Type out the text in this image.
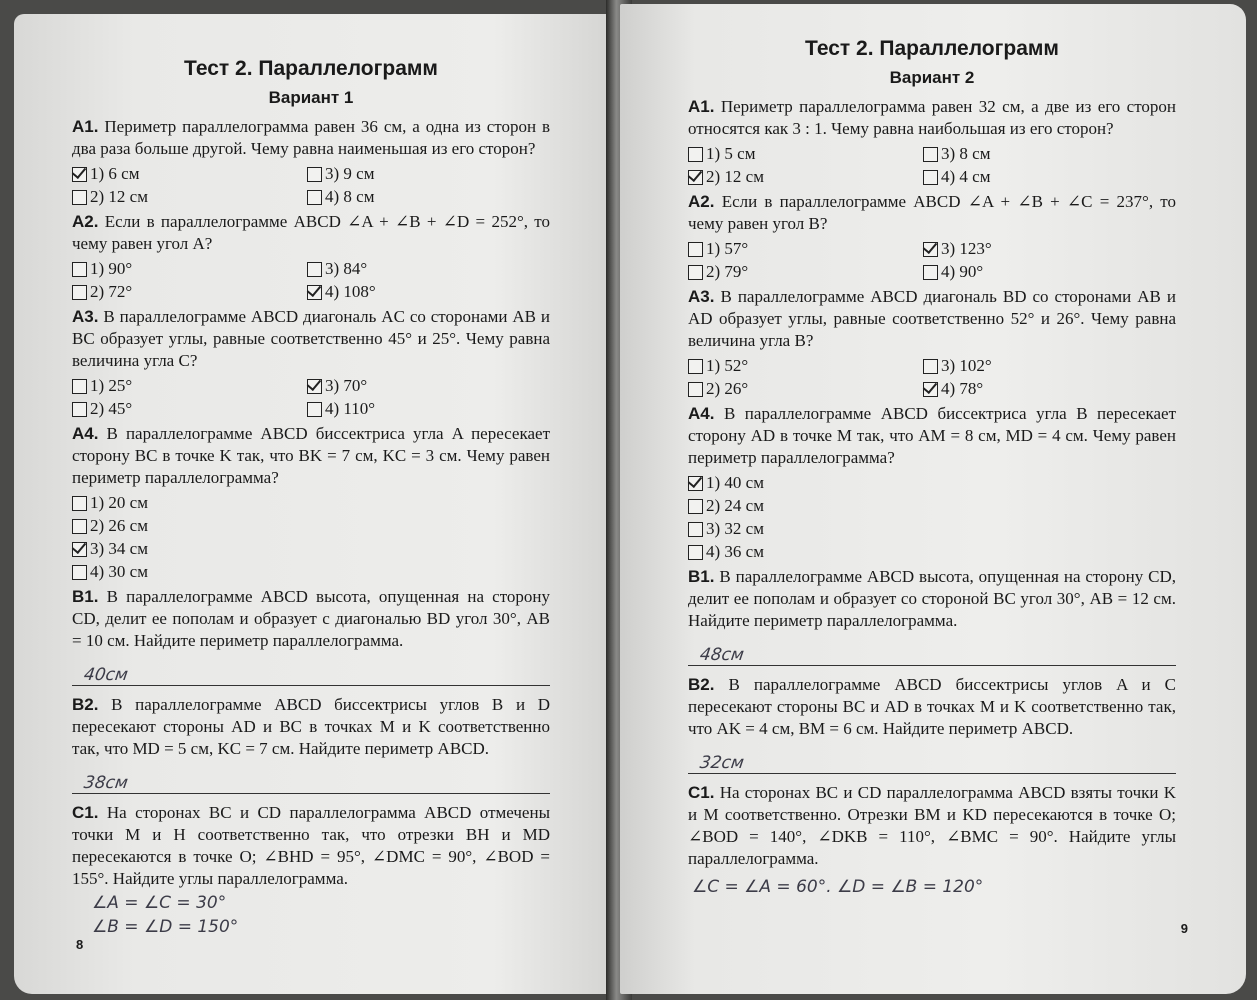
Тест 2. Параллелограмм
Вариант 1

А1. Периметр параллелограмма равен 36 см, а одна из сторон в два раза больше другой. Чему равна наименьшая из его сторон?

1) 6 см	3) 9 см
2) 12 см	4) 8 см

А2. Если в параллелограмме ABCD ∠A + ∠B + ∠D = 252°, то чему равен угол A?

1) 90°	3) 84°
2) 72°	4) 108°

А3. В параллелограмме ABCD диагональ AC со сторонами AB и BC образует углы, равные соответственно 45° и 25°. Чему равна величина угла C?

1) 25°	3) 70°
2) 45°	4) 110°

А4. В параллелограмме ABCD биссектриса угла A пересекает сторону BC в точке K так, что BK = 7 см, KC = 3 см. Чему равен периметр параллелограмма?

1) 20 см
2) 26 см
3) 34 см
4) 30 см

В1. В параллелограмме ABCD высота, опущенная на сторону CD, делит ее пополам и образует с диагональю BD угол 30°, AB = 10 см. Найдите периметр параллелограмма.

40см

В2. В параллелограмме ABCD биссектрисы углов B и D пересекают стороны AD и BC в точках M и K соответственно так, что MD = 5 см, KC = 7 см. Найдите периметр ABCD.

38см

С1. На сторонах BC и CD параллелограмма ABCD отмечены точки M и H соответственно так, что отрезки BH и MD пересекаются в точке O; ∠BHD = 95°, ∠DMC = 90°, ∠BOD = 155°. Найдите углы параллелограмма.

∠A = ∠C = 30°
∠B = ∠D = 150°
8
Тест 2. Параллелограмм
Вариант 2

А1. Периметр параллелограмма равен 32 см, а две из его сторон относятся как 3 : 1. Чему равна наибольшая из его сторон?

1) 5 см	3) 8 см
2) 12 см	4) 4 см

А2. Если в параллелограмме ABCD ∠A + ∠B + ∠C = 237°, то чему равен угол B?

1) 57°	3) 123°
2) 79°	4) 90°

А3. В параллелограмме ABCD диагональ BD со сторонами AB и AD образует углы, равные соответственно 52° и 26°. Чему равна величина угла B?

1) 52°	3) 102°
2) 26°	4) 78°

А4. В параллелограмме ABCD биссектриса угла B пересекает сторону AD в точке M так, что AM = 8 см, MD = 4 см. Чему равен периметр параллелограмма?

1) 40 см
2) 24 см
3) 32 см
4) 36 см

В1. В параллелограмме ABCD высота, опущенная на сторону CD, делит ее пополам и образует со стороной BC угол 30°, AB = 12 см. Найдите периметр параллелограмма.

48см

В2. В параллелограмме ABCD биссектрисы углов A и C пересекают стороны BC и AD в точках M и K соответственно так, что AK = 4 см, BM = 6 см. Найдите периметр ABCD.

32см

С1. На сторонах BC и CD параллелограмма ABCD взяты точки K и M соответственно. Отрезки BM и KD пересекаются в точке O; ∠BOD = 140°, ∠DKB = 110°, ∠BMC = 90°. Найдите углы параллелограмма.

∠C = ∠A = 60°. ∠D = ∠B = 120°
9
